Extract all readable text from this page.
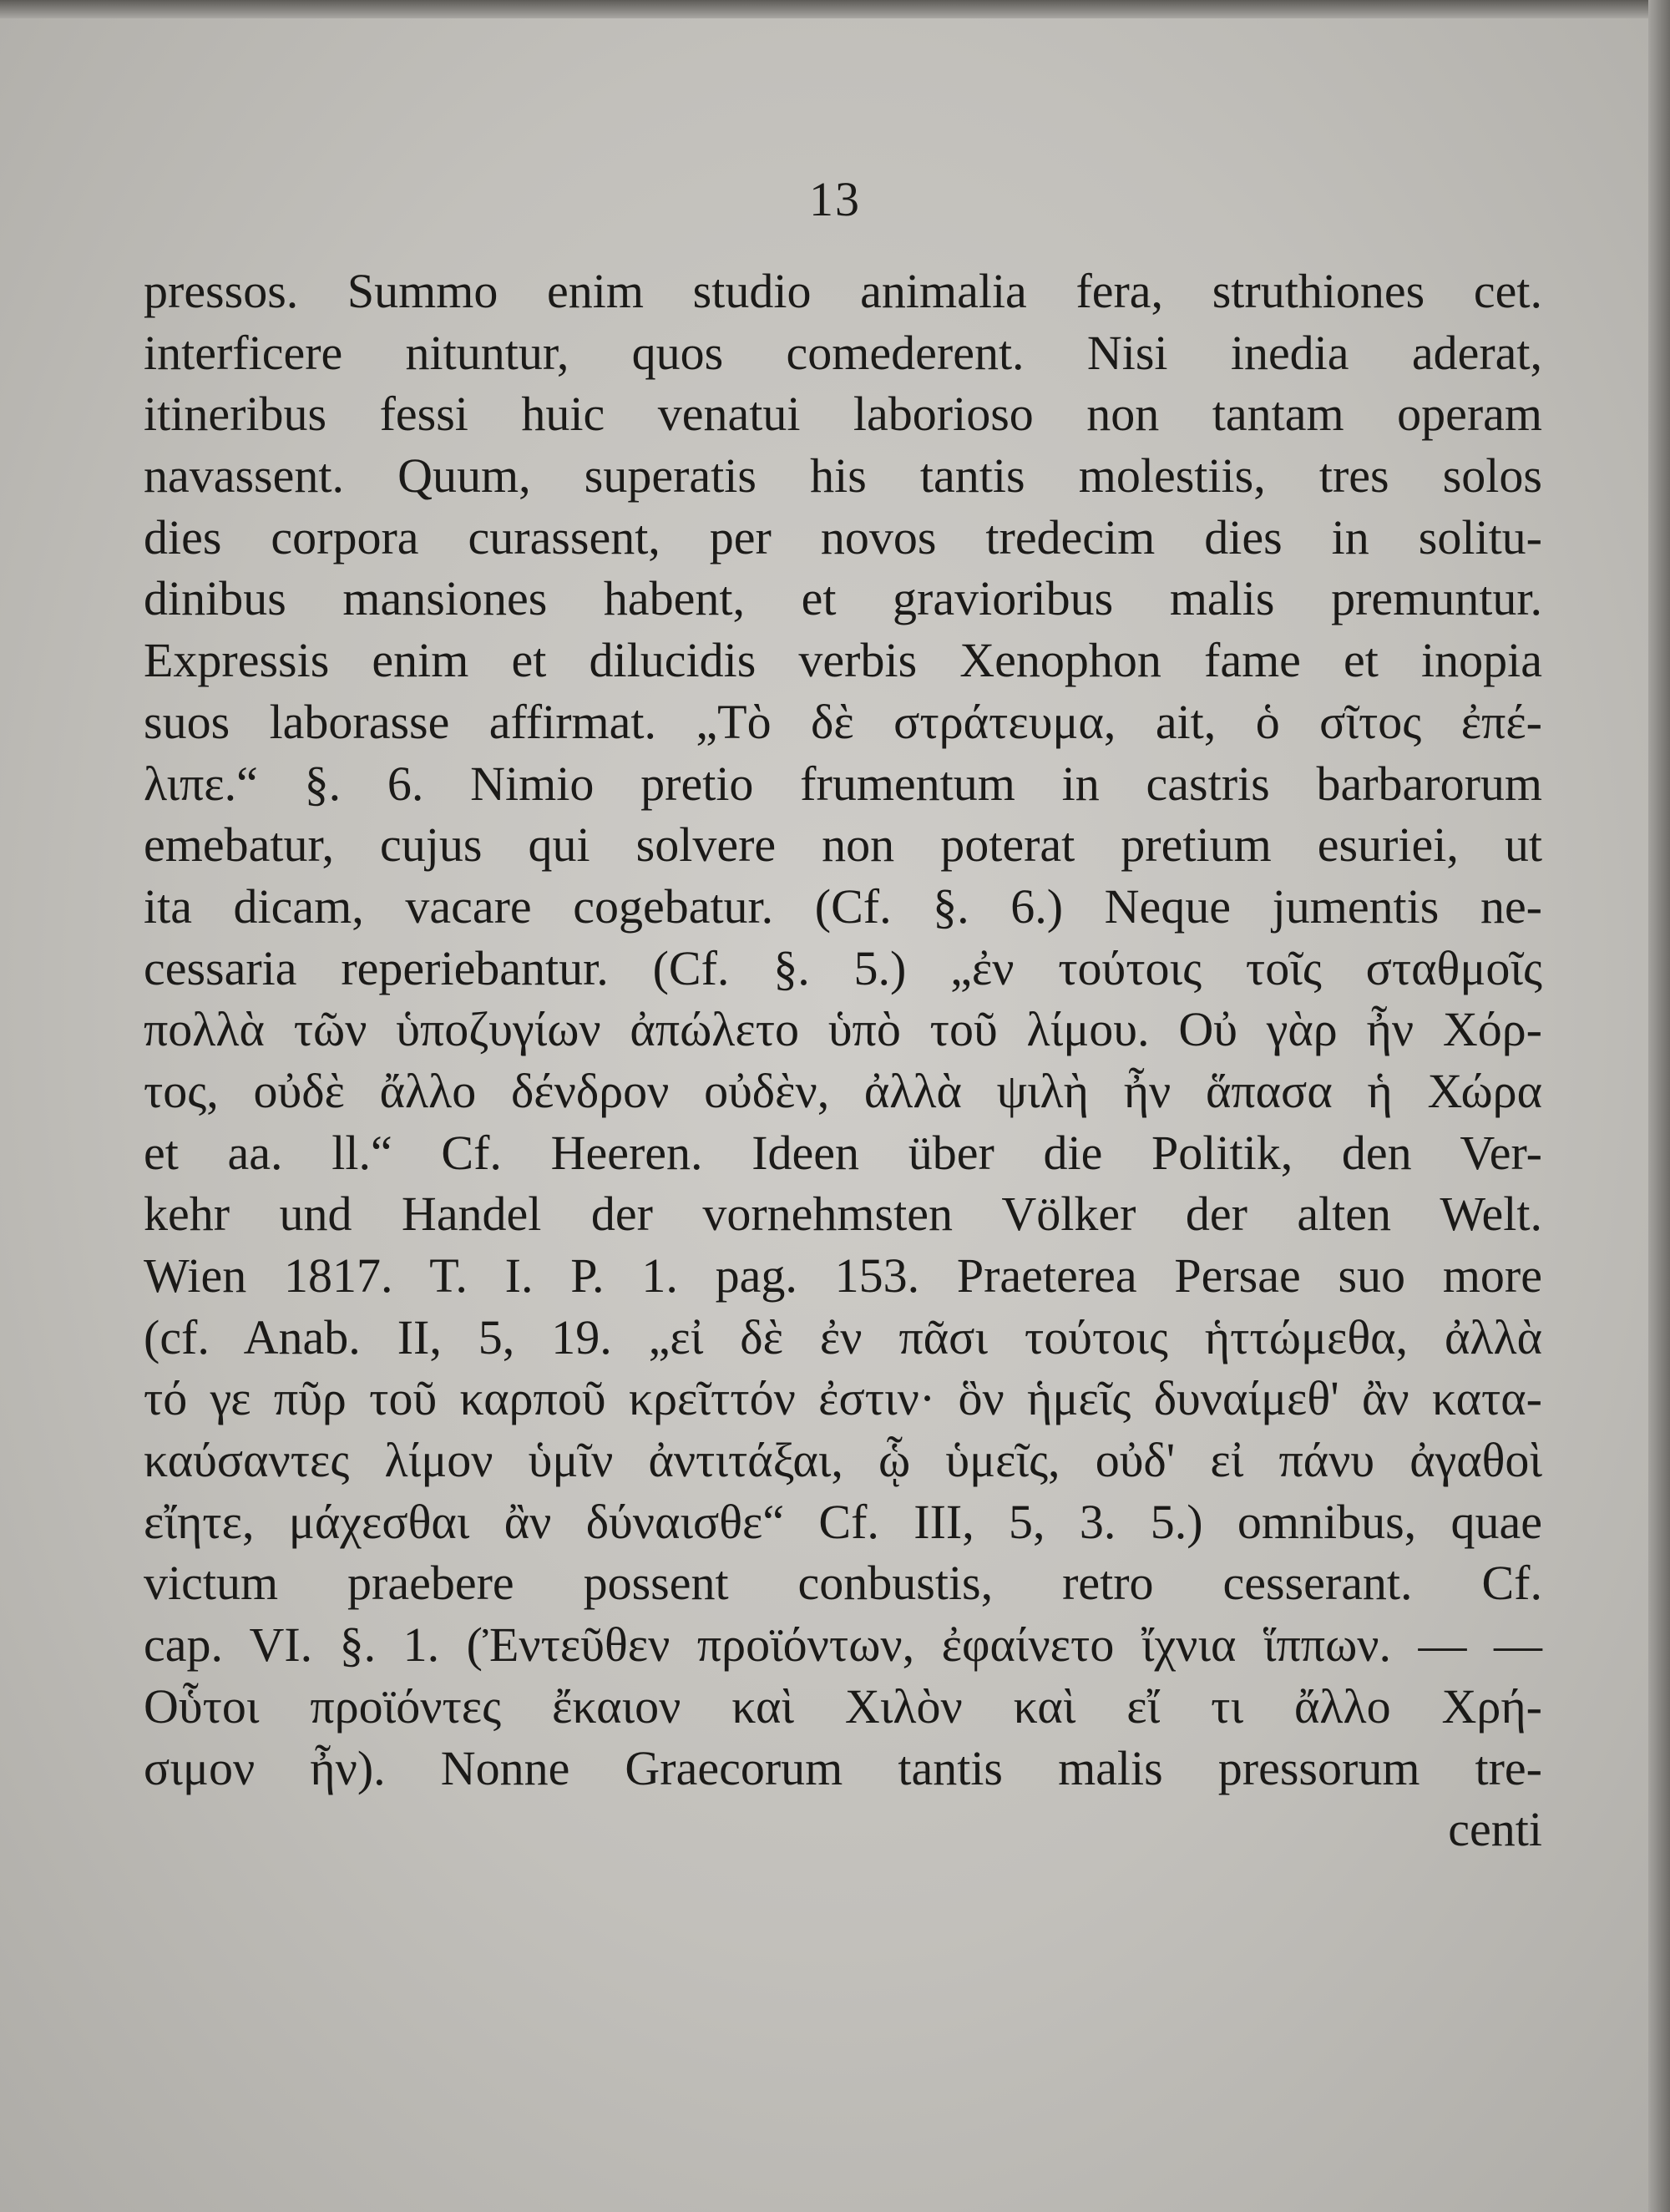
13
pressos. Summo enim studio animalia fera, struthiones cet.
interficere nituntur, quos comederent. Nisi inedia aderat,
itineribus fessi huic venatui laborioso non tantam operam
navassent. Quum, superatis his tantis molestiis, tres solos
dies corpora curassent, per novos tredecim dies in solitu-
dinibus mansiones habent, et gravioribus malis premuntur.
Expressis enim et dilucidis verbis Xenophon fame et inopia
suos laborasse affirmat. „Τὸ δὲ στράτευμα, ait, ὁ σῖτος ἐπέ-
λιπε.“ §. 6. Nimio pretio frumentum in castris barbarorum
emebatur, cujus qui solvere non poterat pretium esuriei, ut
ita dicam, vacare cogebatur. (Cf. §. 6.) Neque jumentis ne-
cessaria reperiebantur. (Cf. §. 5.) „ἐν τούτοις τοῖς σταθμοῖς
πολλὰ τῶν ὑποζυγίων ἀπώλετο ὑπὸ τοῦ λίμου. Οὐ γὰρ ἦν Χόρ-
τος, οὐδὲ ἄλλο δένδρον οὐδὲν, ἀλλὰ ψιλὴ ἦν ἅπασα ἡ Χώρα
et aa. ll.“ Cf. Heeren. Ideen über die Politik, den Ver-
kehr und Handel der vornehmsten Völker der alten Welt.
Wien 1817. T. I. P. 1. pag. 153. Praeterea Persae suo more
(cf. Anab. II, 5, 19. „εἰ δὲ ἐν πᾶσι τούτοις ἡττώμεθα, ἀλλὰ
τό γε πῦρ τοῦ καρποῦ κρεῖττόν ἐστιν· ὃν ἡμεῖς δυναίμεθ' ἂν κατα-
καύσαντες λίμον ὑμῖν ἀντιτάξαι, ᾧ ὑμεῖς, οὐδ' εἰ πάνυ ἀγαθοὶ
εἴητε, μάχεσθαι ἂν δύναισθε“ Cf. III, 5, 3. 5.) omnibus, quae
victum praebere possent conbustis, retro cesserant. Cf.
cap. VI. §. 1. (Ἐντεῦθεν προϊόντων, ἐφαίνετο ἴχνια ἵππων. — —
Οὗτοι προϊόντες ἔκαιον καὶ Χιλὸν καὶ εἴ τι ἄλλο Χρή-
σιμον ἦν). Nonne Graecorum tantis malis pressorum tre-
centi
